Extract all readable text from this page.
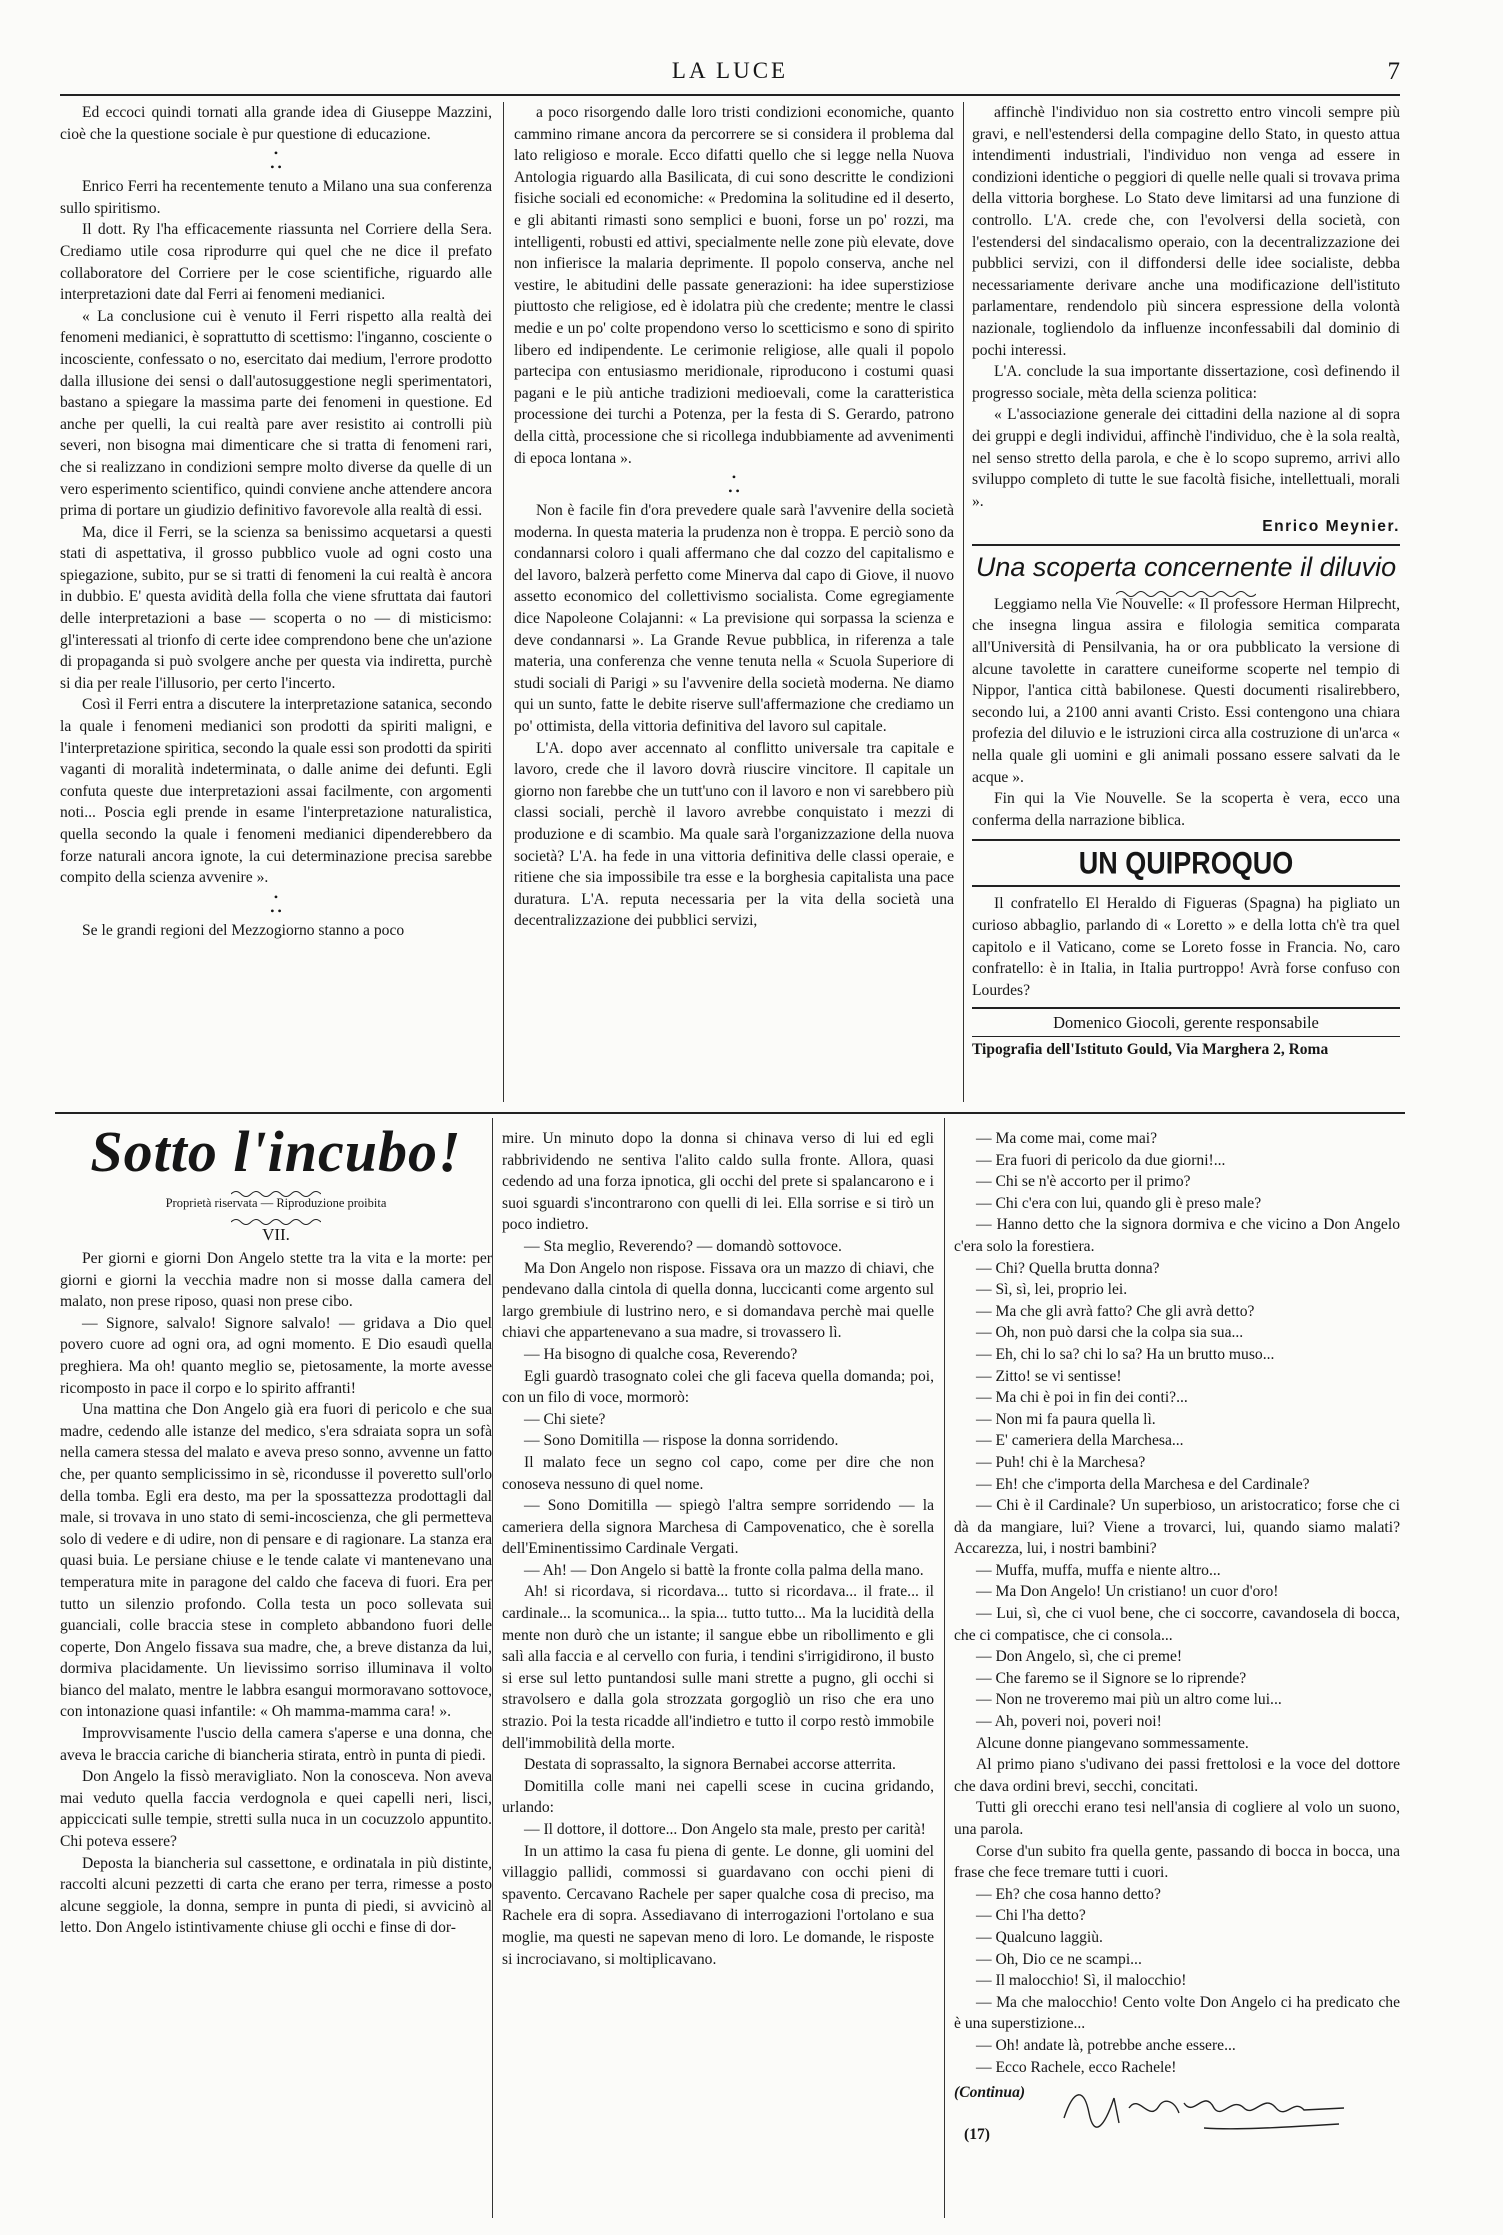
LA LUCE	7

Ed eccoci quindi tornati alla grande idea di Giuseppe Mazzini, cioè che la questione sociale è pur questione di educazione.

•
• •

Enrico Ferri ha recentemente tenuto a Milano una sua conferenza sullo spiritismo.

Il dott. Ry l'ha efficacemente riassunta nel Corriere della Sera. Crediamo utile cosa riprodurre qui quel che ne dice il prefato collaboratore del Corriere per le cose scientifiche, riguardo alle interpretazioni date dal Ferri ai fenomeni medianici.

« La conclusione cui è venuto il Ferri rispetto alla realtà dei fenomeni medianici, è soprattutto di scettismo: l'inganno, cosciente o incosciente, confessato o no, esercitato dai medium, l'errore prodotto dalla illusione dei sensi o dall'autosuggestione negli sperimentatori, bastano a spiegare la massima parte dei fenomeni in questione. Ed anche per quelli, la cui realtà pare aver resistito ai controlli più severi, non bisogna mai dimenticare che si tratta di fenomeni rari, che si realizzano in condizioni sempre molto diverse da quelle di un vero esperimento scientifico, quindi conviene anche attendere ancora prima di portare un giudizio definitivo favorevole alla realtà di essi.

Ma, dice il Ferri, se la scienza sa benissimo acquetarsi a questi stati di aspettativa, il grosso pubblico vuole ad ogni costo una spiegazione, subito, pur se si tratti di fenomeni la cui realtà è ancora in dubbio. E' questa avidità della folla che viene sfruttata dai fautori delle interpretazioni a base — scoperta o no — di misticismo: gl'interessati al trionfo di certe idee comprendono bene che un'azione di propaganda si può svolgere anche per questa via indiretta, purchè si dia per reale l'illusorio, per certo l'incerto.

Così il Ferri entra a discutere la interpretazione satanica, secondo la quale i fenomeni medianici son prodotti da spiriti maligni, e l'interpretazione spiritica, secondo la quale essi son prodotti da spiriti vaganti di moralità indeterminata, o dalle anime dei defunti. Egli confuta queste due interpretazioni assai facilmente, con argomenti noti... Poscia egli prende in esame l'interpretazione naturalistica, quella secondo la quale i fenomeni medianici dipenderebbero da forze naturali ancora ignote, la cui determinazione precisa sarebbe compito della scienza avvenire ».

•
• •

Se le grandi regioni del Mezzogiorno stanno a poco

a poco risorgendo dalle loro tristi condizioni economiche, quanto cammino rimane ancora da percorrere se si considera il problema dal lato religioso e morale. Ecco difatti quello che si legge nella Nuova Antologia riguardo alla Basilicata, di cui sono descritte le condizioni fisiche sociali ed economiche: « Predomina la solitudine ed il deserto, e gli abitanti rimasti sono semplici e buoni, forse un po' rozzi, ma intelligenti, robusti ed attivi, specialmente nelle zone più elevate, dove non infierisce la malaria deprimente. Il popolo conserva, anche nel vestire, le abitudini delle passate generazioni: ha idee superstiziose piuttosto che religiose, ed è idolatra più che credente; mentre le classi medie e un po' colte propendono verso lo scetticismo e sono di spirito libero ed indipendente. Le cerimonie religiose, alle quali il popolo partecipa con entusiasmo meridionale, riproducono i costumi quasi pagani e le più antiche tradizioni medioevali, come la caratteristica processione dei turchi a Potenza, per la festa di S. Gerardo, patrono della città, processione che si ricollega indubbiamente ad avvenimenti di epoca lontana ».

•
• •

Non è facile fin d'ora prevedere quale sarà l'avvenire della società moderna. In questa materia la prudenza non è troppa. E perciò sono da condannarsi coloro i quali affermano che dal cozzo del capitalismo e del lavoro, balzerà perfetto come Minerva dal capo di Giove, il nuovo assetto economico del collettivismo socialista. Come egregiamente dice Napoleone Colajanni: « La previsione qui sorpassa la scienza e deve condannarsi ». La Grande Revue pubblica, in riferenza a tale materia, una conferenza che venne tenuta nella « Scuola Superiore di studi sociali di Parigi » su l'avvenire della società moderna. Ne diamo qui un sunto, fatte le debite riserve sull'affermazione che crediamo un po' ottimista, della vittoria definitiva del lavoro sul capitale.

L'A. dopo aver accennato al conflitto universale tra capitale e lavoro, crede che il lavoro dovrà riuscire vincitore. Il capitale un giorno non farebbe che un tutt'uno con il lavoro e non vi sarebbero più classi sociali, perchè il lavoro avrebbe conquistato i mezzi di produzione e di scambio. Ma quale sarà l'organizzazione della nuova società? L'A. ha fede in una vittoria definitiva delle classi operaie, e ritiene che sia impossibile tra esse e la borghesia capitalista una pace duratura. L'A. reputa necessaria per la vita della società una decentralizzazione dei pubblici servizi,

affinchè l'individuo non sia costretto entro vincoli sempre più gravi, e nell'estendersi della compagine dello Stato, in questo attua intendimenti industriali, l'individuo non venga ad essere in condizioni identiche o peggiori di quelle nelle quali si trovava prima della vittoria borghese. Lo Stato deve limitarsi ad una funzione di controllo. L'A. crede che, con l'evolversi della società, con l'estendersi del sindacalismo operaio, con la decentralizzazione dei pubblici servizi, con il diffondersi delle idee socialiste, debba necessariamente derivare anche una modificazione dell'istituto parlamentare, rendendolo più sincera espressione della volontà nazionale, togliendolo da influenze inconfessabili dal dominio di pochi interessi.

L'A. conclude la sua importante dissertazione, così definendo il progresso sociale, mèta della scienza politica:

« L'associazione generale dei cittadini della nazione al di sopra dei gruppi e degli individui, affinchè l'individuo, che è la sola realtà, nel senso stretto della parola, e che è lo scopo supremo, arrivi allo sviluppo completo di tutte le sue facoltà fisiche, intellettuali, morali ».

Enrico Meynier.
Una scoperta concernente il diluvio

Leggiamo nella Vie Nouvelle: « Il professore Herman Hilprecht, che insegna lingua assira e filologia semitica comparata all'Università di Pensilvania, ha or ora pubblicato la versione di alcune tavolette in carattere cuneiforme scoperte nel tempio di Nippor, l'antica città babilonese. Questi documenti risalirebbero, secondo lui, a 2100 anni avanti Cristo. Essi contengono una chiara profezia del diluvio e le istruzioni circa alla costruzione di un'arca « nella quale gli uomini e gli animali possano essere salvati da le acque ».

Fin qui la Vie Nouvelle. Se la scoperta è vera, ecco una conferma della narrazione biblica.

UN QUIPROQUO

Il confratello El Heraldo di Figueras (Spagna) ha pigliato un curioso abbaglio, parlando di « Loretto » e della lotta ch'è tra quel capitolo e il Vaticano, come se Loreto fosse in Francia. No, caro confratello: è in Italia, in Italia purtroppo! Avrà forse confuso con Lourdes?

Domenico Giocoli, gerente responsabile
Tipografia dell'Istituto Gould, Via Marghera 2, Roma
Sotto l'incubo!
Proprietà riservata — Riproduzione proibita
VII.

Per giorni e giorni Don Angelo stette tra la vita e la morte: per giorni e giorni la vecchia madre non si mosse dalla camera del malato, non prese riposo, quasi non prese cibo.

— Signore, salvalo! Signore salvalo! — gridava a Dio quel povero cuore ad ogni ora, ad ogni momento. E Dio esaudì quella preghiera. Ma oh! quanto meglio se, pietosamente, la morte avesse ricomposto in pace il corpo e lo spirito affranti!

Una mattina che Don Angelo già era fuori di pericolo e che sua madre, cedendo alle istanze del medico, s'era sdraiata sopra un sofà nella camera stessa del malato e aveva preso sonno, avvenne un fatto che, per quanto semplicissimo in sè, ricondusse il poveretto sull'orlo della tomba. Egli era desto, ma per la spossattezza prodottagli dal male, si trovava in uno stato di semi-incoscienza, che gli permetteva solo di vedere e di udire, non di pensare e di ragionare. La stanza era quasi buia. Le persiane chiuse e le tende calate vi mantenevano una temperatura mite in paragone del caldo che faceva di fuori. Era per tutto un silenzio profondo. Colla testa un poco sollevata sui guanciali, colle braccia stese in completo abbandono fuori delle coperte, Don Angelo fissava sua madre, che, a breve distanza da lui, dormiva placidamente. Un lievissimo sorriso illuminava il volto bianco del malato, mentre le labbra esangui mormoravano sottovoce, con intonazione quasi infantile: « Oh mamma-mamma cara! ».

Improvvisamente l'uscio della camera s'aperse e una donna, che aveva le braccia cariche di biancheria stirata, entrò in punta di piedi.

Don Angelo la fissò meravigliato. Non la conosceva. Non aveva mai veduto quella faccia verdognola e quei capelli neri, lisci, appiccicati sulle tempie, stretti sulla nuca in un cocuzzolo appuntito. Chi poteva essere?

Deposta la biancheria sul cassettone, e ordinatala in più distinte, raccolti alcuni pezzetti di carta che erano per terra, rimesse a posto alcune seggiole, la donna, sempre in punta di piedi, si avvicinò al letto. Don Angelo istintivamente chiuse gli occhi e finse di dor-

mire. Un minuto dopo la donna si chinava verso di lui ed egli rabbrividendo ne sentiva l'alito caldo sulla fronte. Allora, quasi cedendo ad una forza ipnotica, gli occhi del prete si spalancarono e i suoi sguardi s'incontrarono con quelli di lei. Ella sorrise e si tirò un poco indietro.

— Sta meglio, Reverendo? — domandò sottovoce.

Ma Don Angelo non rispose. Fissava ora un mazzo di chiavi, che pendevano dalla cintola di quella donna, luccicanti come argento sul largo grembiule di lustrino nero, e si domandava perchè mai quelle chiavi che appartenevano a sua madre, si trovassero lì.

— Ha bisogno di qualche cosa, Reverendo?

Egli guardò trasognato colei che gli faceva quella domanda; poi, con un filo di voce, mormorò:

— Chi siete?

— Sono Domitilla — rispose la donna sorridendo.

Il malato fece un segno col capo, come per dire che non conoseva nessuno di quel nome.

— Sono Domitilla — spiegò l'altra sempre sorridendo — la cameriera della signora Marchesa di Campovenatico, che è sorella dell'Eminentissimo Cardinale Vergati.

— Ah! — Don Angelo si battè la fronte colla palma della mano.

Ah! si ricordava, si ricordava... tutto si ricordava... il frate... il cardinale... la scomunica... la spia... tutto tutto... Ma la lucidità della mente non durò che un istante; il sangue ebbe un ribollimento e gli salì alla faccia e al cervello con furia, i tendini s'irrigidirono, il busto si erse sul letto puntandosi sulle mani strette a pugno, gli occhi si stravolsero e dalla gola strozzata gorgogliò un riso che era uno strazio. Poi la testa ricadde all'indietro e tutto il corpo restò immobile dell'immobilità della morte.

Destata di soprassalto, la signora Bernabei accorse atterrita.

Domitilla colle mani nei capelli scese in cucina gridando, urlando:

— Il dottore, il dottore... Don Angelo sta male, presto per carità!

In un attimo la casa fu piena di gente. Le donne, gli uomini del villaggio pallidi, commossi si guardavano con occhi pieni di spavento. Cercavano Rachele per saper qualche cosa di preciso, ma Rachele era di sopra. Assediavano di interrogazioni l'ortolano e sua moglie, ma questi ne sapevan meno di loro. Le domande, le risposte si incrociavano, si moltiplicavano.

— Ma come mai, come mai?

— Era fuori di pericolo da due giorni!...

— Chi se n'è accorto per il primo?

— Chi c'era con lui, quando gli è preso male?

— Hanno detto che la signora dormiva e che vicino a Don Angelo c'era solo la forestiera.

— Chi? Quella brutta donna?

— Sì, sì, lei, proprio lei.

— Ma che gli avrà fatto? Che gli avrà detto?

— Oh, non può darsi che la colpa sia sua...

— Eh, chi lo sa? chi lo sa? Ha un brutto muso...

— Zitto! se vi sentisse!

— Ma chi è poi in fin dei conti?...

— Non mi fa paura quella lì.

— E' cameriera della Marchesa...

— Puh! chi è la Marchesa?

— Eh! che c'importa della Marchesa e del Cardinale?

— Chi è il Cardinale? Un superbioso, un aristocratico; forse che ci dà da mangiare, lui? Viene a trovarci, lui, quando siamo malati? Accarezza, lui, i nostri bambini?

— Muffa, muffa, muffa e niente altro...

— Ma Don Angelo! Un cristiano! un cuor d'oro!

— Lui, sì, che ci vuol bene, che ci soccorre, cavandosela di bocca, che ci compatisce, che ci consola...

— Don Angelo, sì, che ci preme!

— Che faremo se il Signore se lo riprende?

— Non ne troveremo mai più un altro come lui...

— Ah, poveri noi, poveri noi!

Alcune donne piangevano sommessamente.

Al primo piano s'udivano dei passi frettolosi e la voce del dottore che dava ordini brevi, secchi, concitati.

Tutti gli orecchi erano tesi nell'ansia di cogliere al volo un suono, una parola.

Corse d'un subito fra quella gente, passando di bocca in bocca, una frase che fece tremare tutti i cuori.

— Eh? che cosa hanno detto?

— Chi l'ha detto?

— Qualcuno laggiù.

— Oh, Dio ce ne scampi...

— Il malocchio! Sì, il malocchio!

— Ma che malocchio! Cento volte Don Angelo ci ha predicato che è una superstizione...

— Oh! andate là, potrebbe anche essere...

— Ecco Rachele, ecco Rachele!

(Continua)
(17)
